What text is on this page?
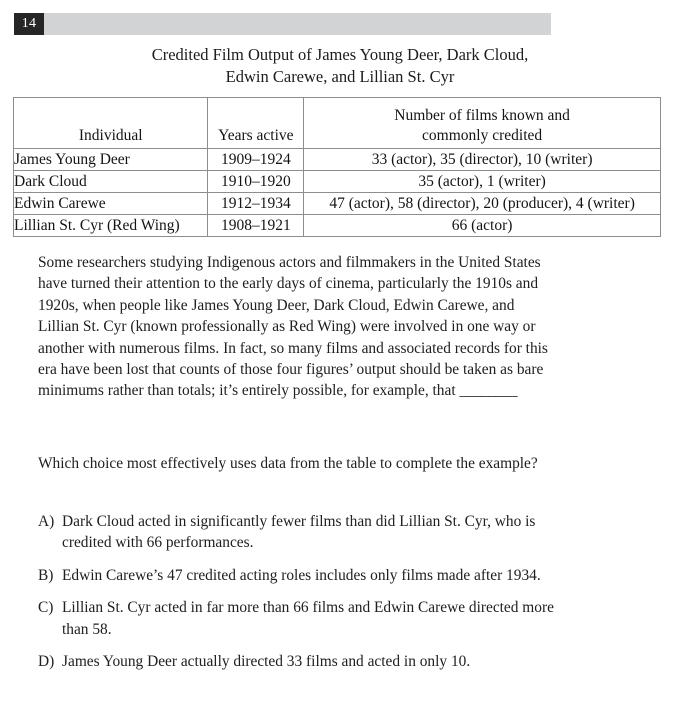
14
Credited Film Output of James Young Deer, Dark Cloud,
Edwin Carewe, and Lillian St. Cyr
Individual	Years active	Number of films known and
commonly credited

James Young Deer	1909–1924	33 (actor), 35 (director), 10 (writer)
Dark Cloud	1910–1920	35 (actor), 1 (writer)
Edwin Carewe	1912–1934	47 (actor), 58 (director), 20 (producer), 4 (writer)
Lillian St. Cyr (Red Wing)	1908–1921	66 (actor)
Some researchers studying Indigenous actors and filmmakers in the United States have turned their attention to the early days of cinema, particularly the 1910s and 1920s, when people like James Young Deer, Dark Cloud, Edwin Carewe, and Lillian St. Cyr (known professionally as Red Wing) were involved in one way or another with numerous films. In fact, so many films and associated records for this era have been lost that counts of those four figures’ output should be taken as bare minimums rather than totals; it’s entirely possible, for example, that ________
Which choice most effectively uses data from the table to complete the example?
A) Dark Cloud acted in significantly fewer films than did Lillian St. Cyr, who is credited with 66 performances.
B) Edwin Carewe’s 47 credited acting roles includes only films made after 1934.
C) Lillian St. Cyr acted in far more than 66 films and Edwin Carewe directed more than 58.
D) James Young Deer actually directed 33 films and acted in only 10.
